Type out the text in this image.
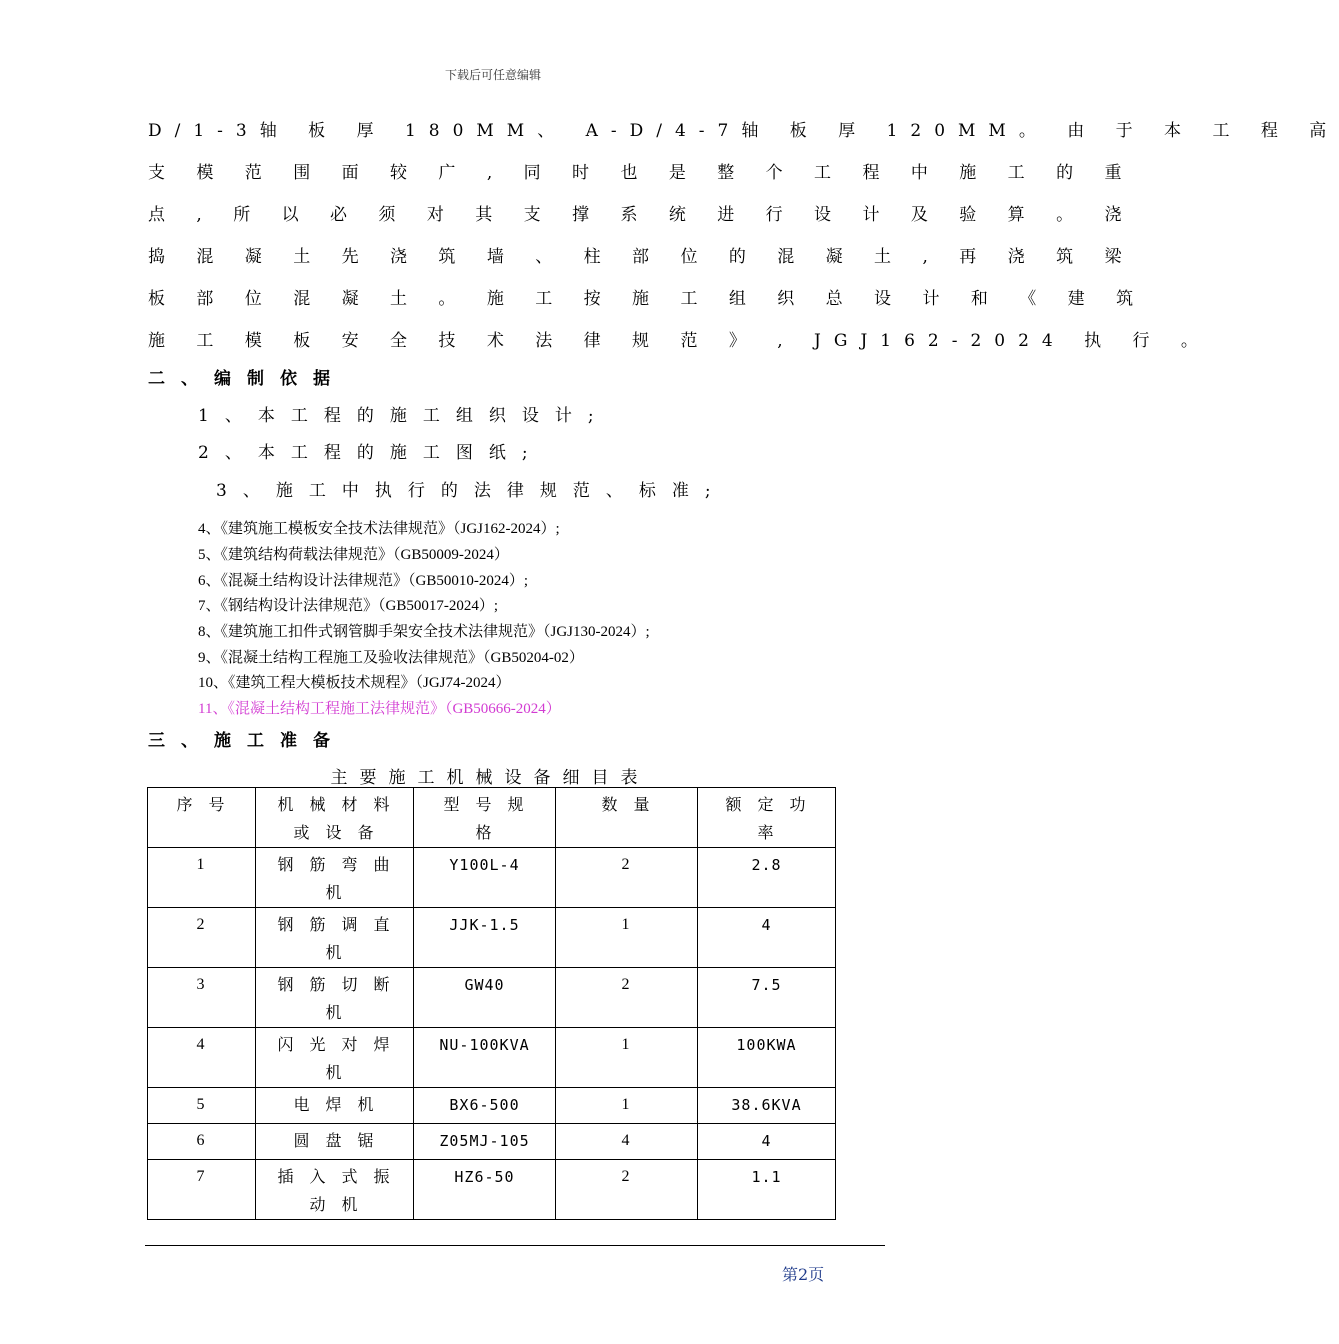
下载后可任意编辑
D/1-3轴 板 厚 180MM、 A-D/4-7轴 板 厚 120MM。 由 于 本 工 程 高
支 模 范 围 面 较 广 , 同 时 也 是 整 个 工 程 中 施 工 的 重
点 , 所 以 必 须 对 其 支 撑 系 统 进 行 设 计 及 验 算 。 浇
捣 混 凝 土 先 浇 筑 墙 、 柱 部 位 的 混 凝 土 , 再 浇 筑 梁
板 部 位 混 凝 土 。 施 工 按 施 工 组 织 总 设 计 和 《 建 筑
施 工 模 板 安 全 技 术 法 律 规 范 》 , JGJ162-2024 执 行 。
二、编制依据
1、本工程的施工组织设计;
2、本工程的施工图纸;
3、施工中执行的法律规范、标准;
4、《建筑施工模板安全技术法律规范》（JGJ162-2024）;
5、《建筑结构荷载法律规范》（GB50009-2024）
6、《混凝土结构设计法律规范》（GB50010-2024）;
7、《钢结构设计法律规范》（GB50017-2024）;
8、《建筑施工扣件式钢管脚手架安全技术法律规范》（JGJ130-2024）;
9、《混凝土结构工程施工及验收法律规范》（GB50204-02）
10、《建筑工程大模板技术规程》（JGJ74-2024）
11、《混凝土结构工程施工法律规范》（GB50666-2024）
三、施工准备
主要施工机械设备细目表
序号	机械材料或设备	型号规格	数量	额定功率
1	钢筋弯曲机	Y100L-4	2	2.8
2	钢筋调直机	JJK-1.5	1	4
3	钢筋切断机	GW40	2	7.5
4	闪光对焊机	NU-100KVA	1	100KWA
5	电焊机	BX6-500	1	38.6KVA
6	圆盘锯	Z05MJ-105	4	4
7	插入式振动机	HZ6-50	2	1.1
第2页
